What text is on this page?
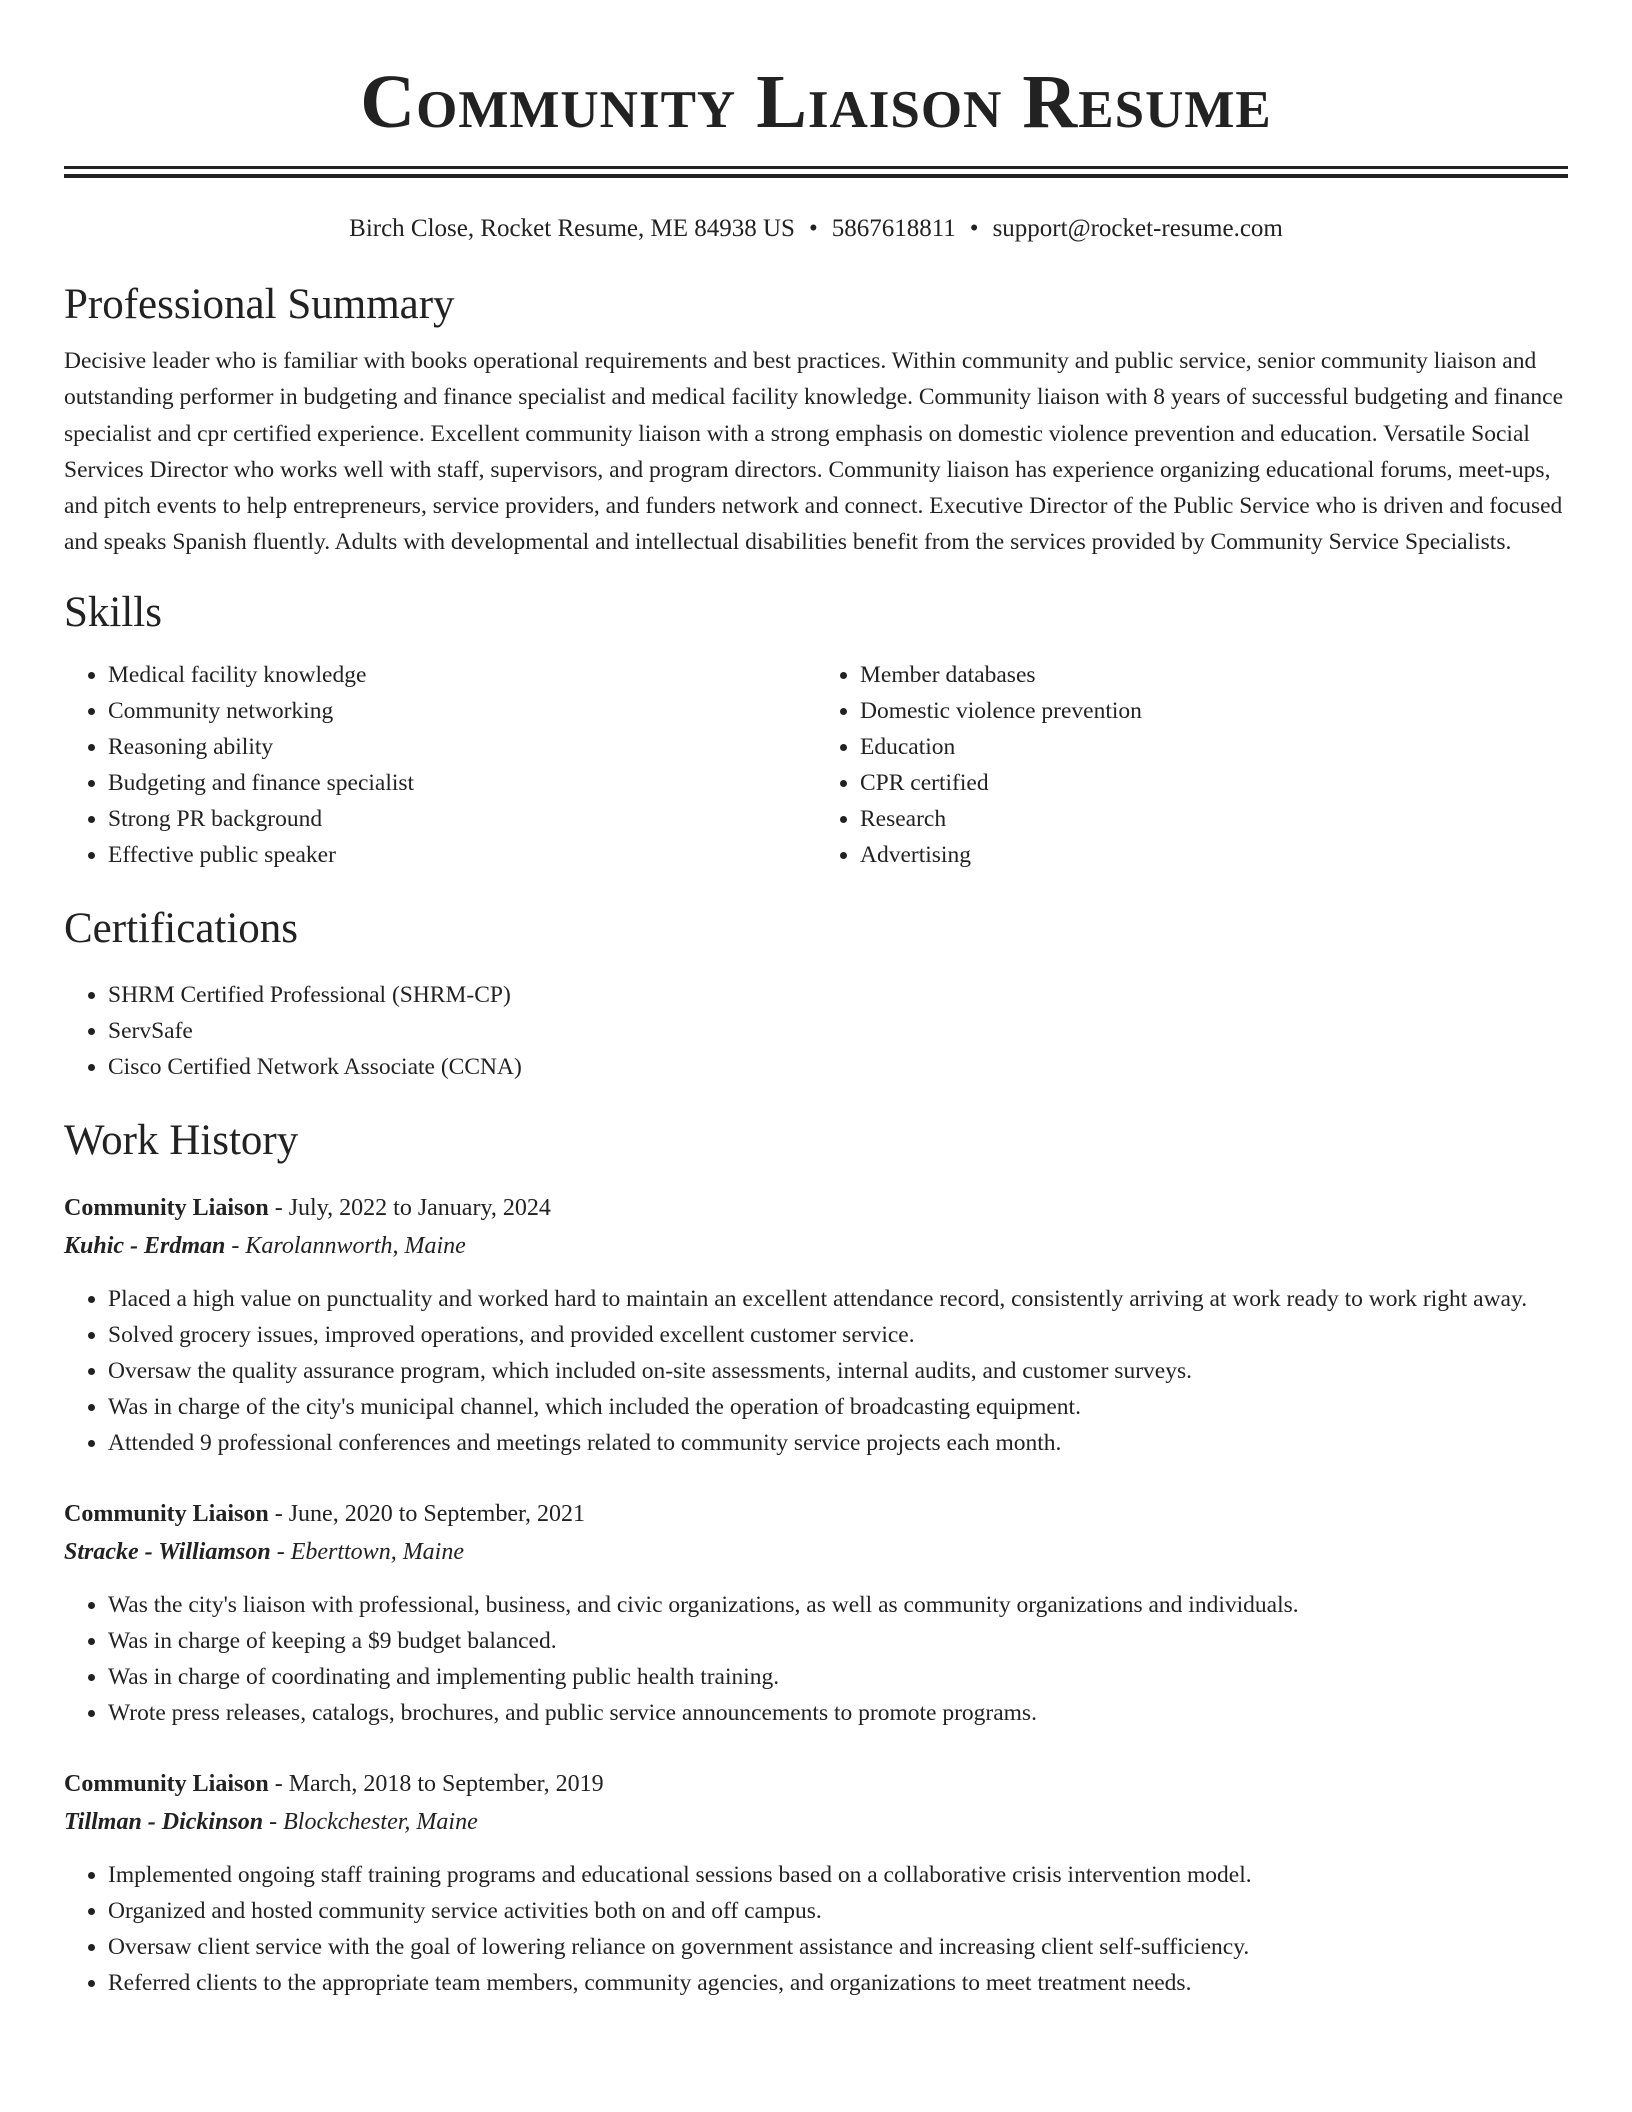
Community Liaison Resume
Birch Close, Rocket Resume, ME 84938 US • 5867618811 • support@rocket-resume.com
Professional Summary

Decisive leader who is familiar with books operational requirements and best practices. Within community and public service, senior community liaison and outstanding performer in budgeting and finance specialist and medical facility knowledge. Community liaison with 8 years of successful budgeting and finance specialist and cpr certified experience. Excellent community liaison with a strong emphasis on domestic violence prevention and education. Versatile Social Services Director who works well with staff, supervisors, and program directors. Community liaison has experience organizing educational forums, meet-ups, and pitch events to help entrepreneurs, service providers, and funders network and connect. Executive Director of the Public Service who is driven and focused and speaks Spanish fluently. Adults with developmental and intellectual disabilities benefit from the services provided by Community Service Specialists.

Skills
• Medical facility knowledge
• Community networking
• Reasoning ability
• Budgeting and finance specialist
• Strong PR background
• Effective public speaker
• Member databases
• Domestic violence prevention
• Education
• CPR certified
• Research
• Advertising
Certifications
• SHRM Certified Professional (SHRM-CP)
• ServSafe
• Cisco Certified Network Associate (CCNA)
Work History
Community Liaison - July, 2022 to January, 2024
Kuhic - Erdman - Karolannworth, Maine
• Placed a high value on punctuality and worked hard to maintain an excellent attendance record, consistently arriving at work ready to work right away.
• Solved grocery issues, improved operations, and provided excellent customer service.
• Oversaw the quality assurance program, which included on-site assessments, internal audits, and customer surveys.
• Was in charge of the city's municipal channel, which included the operation of broadcasting equipment.
• Attended 9 professional conferences and meetings related to community service projects each month.
Community Liaison - June, 2020 to September, 2021
Stracke - Williamson - Eberttown, Maine
• Was the city's liaison with professional, business, and civic organizations, as well as community organizations and individuals.
• Was in charge of keeping a $9 budget balanced.
• Was in charge of coordinating and implementing public health training.
• Wrote press releases, catalogs, brochures, and public service announcements to promote programs.
Community Liaison - March, 2018 to September, 2019
Tillman - Dickinson - Blockchester, Maine
• Implemented ongoing staff training programs and educational sessions based on a collaborative crisis intervention model.
• Organized and hosted community service activities both on and off campus.
• Oversaw client service with the goal of lowering reliance on government assistance and increasing client self-sufficiency.
• Referred clients to the appropriate team members, community agencies, and organizations to meet treatment needs.
